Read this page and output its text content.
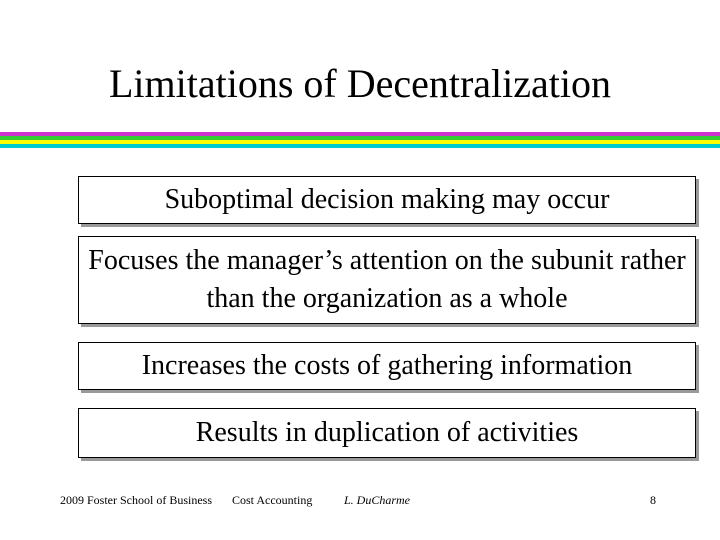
Limitations of Decentralization
Suboptimal decision making may occur
Focuses the manager’s attention on the subunit rather than the organization as a whole
Increases the costs of gathering information
Results in duplication of activities
2009 Foster School of Business Cost Accounting	L. DuCharme	8
